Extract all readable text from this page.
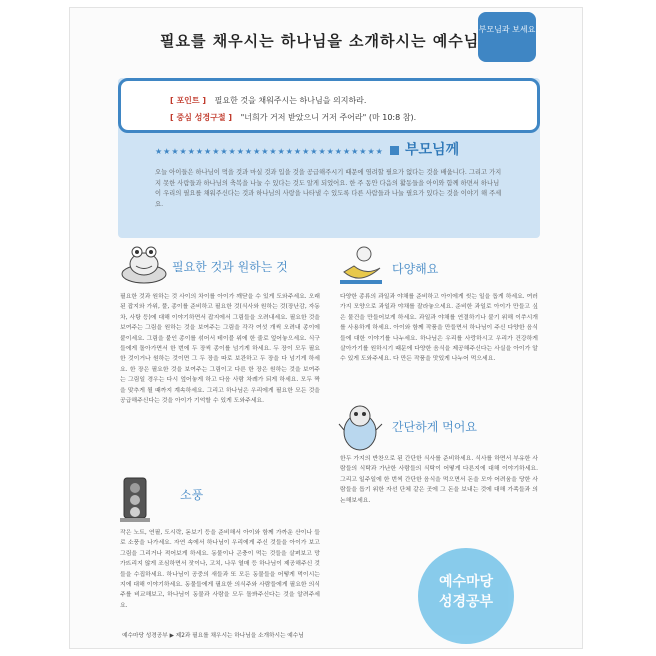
부모님과 보세요
필요를 채우시는 하나님을 소개하시는 예수님
[ 포인트 ] 필요한 것을 채워주시는 하나님을 의지하라.
[ 중심 성경구절 ] "너희가 거저 받았으니 거저 주어라" (마 10:8 참).
★★★★★★★★★★★★★★★★★★★★★★★★★★★★	부모님께
오늘 아이들은 하나님이 먹을 것과 마실 것과 입을 것을 공급해주시기 때문에 염려할 필요가 없다는 것을 배웁니다. 그리고 가지지 못한 사람들과 하나님의 축복을 나눌 수 있다는 것도 알게 되었어요. 한 주 동안 다음의 활동들을 아이와 함께 하면서 하나님이 우리의 필요를 채워주신다는 것과 하나님의 사랑을 나타낼 수 있도록 다른 사람들과 나눌 필요가 있다는 것을 이야기 해 주세요.
필요한 것과 원하는 것
필요한 것과 원하는 것 사이의 차이를 아이가 깨닫을 수 있게 도와주세요. 오래된 잡지와 가위, 풀, 종이를 준비하고 필요한 것(식사와 원하는 것(장난감, 자동차, 사탕 등)에 대해 이야기하면서 잡지에서 그림들을 오려내세요. 필요한 것을 보여주는 그림을 원하는 것을 보여주는 그림을 각각 여섯 개씩 오려내 종이에 붙이세요. 그림을 붙인 종이를 섞어서 테이블 위에 한 줄로 엎어놓으세요. 식구들에게 돌아가면서 한 번에 두 장씩 종이를 넘기게 하세요. 두 장이 모두 필요한 것이거나 원하는 것이면 그 두 장을 따로 보관하고 두 장을 다 넘기게 하세요. 한 장은 필요한 것을 보여주는 그림이고 다른 한 장은 원하는 것을 보여주는 그림일 경우는 다시 엎어놓게 하고 다음 사람 차례가 되게 하세요. 모두 짝을 맞추게 될 때까지 계속하세요. 그리고 하나님은 우리에게 필요한 모든 것을 공급해주신다는 것을 아이가 기억할 수 있게 도와주세요.
소풍
작은 노트, 연필, 도시락, 돋보기 등을 준비해서 아이와 함께 가까운 산이나 들로 소풍을 나가세요. 자연 속에서 하나님이 우리에게 주신 것들을 아이가 보고 그림을 그리거나 적어보게 하세요. 동물이나 곤충이 먹는 것들을 살펴보고 망가뜨리지 않게 조심하면서 잣이나, 고치, 나무 열매 등 하나님이 제공해주신 것들을 수집하세요. 하나님이 공중의 새들과 또 모든 동물들을 어떻게 먹이시는지에 대해 이야기하세요. 동물들에게 필요한 의식주와 사람들에게 필요한 의식주를 비교해보고, 하나님이 동물과 사람을 모두 돌봐주신다는 것을 알려주세요.
다양해요
다양한 종류의 과일과 야채를 준비하고 아이에게 씻는 일을 돕게 하세요. 여러 가지 모양으로 과일과 야채를 잘라놓으세요. 준비한 과일로 아이가 만들고 싶은 물건을 만들어보게 하세요. 과일과 야채를 연결하기나 붙기 위해 이쑤시개를 사용하게 하세요. 아이와 함께 작품을 만들면서 하나님이 주신 다양한 음식들에 대한 이야기를 나누세요. 하나님은 우리를 사랑하시고 우리가 건강하게 살아가기를 원하시기 때문에 다양한 음식을 제공해주신다는 사실을 아이가 알 수 있게 도와주세요. 다 만든 작품을 맛있게 나누어 먹으세요.
간단하게 먹어요
한두 가지의 반찬으로 된 간단한 식사를 준비하세요. 식사를 하면서 부유한 사람들의 식탁과 가난한 사람들의 식탁이 어떻게 다른지에 대해 이야기하세요. 그리고 일주일에 한 번씩 간단한 음식을 먹으면서 돈을 모아 어려움을 당한 사람들을 돕기 위한 자선 단체 같은 곳에 그 돈을 보내는 것에 대해 가족들과 의논해보세요.
예수마당
성경공부
예수마당 성경공부 ▶ 제2과 필요를 채우시는 하나님을 소개하시는 예수님
